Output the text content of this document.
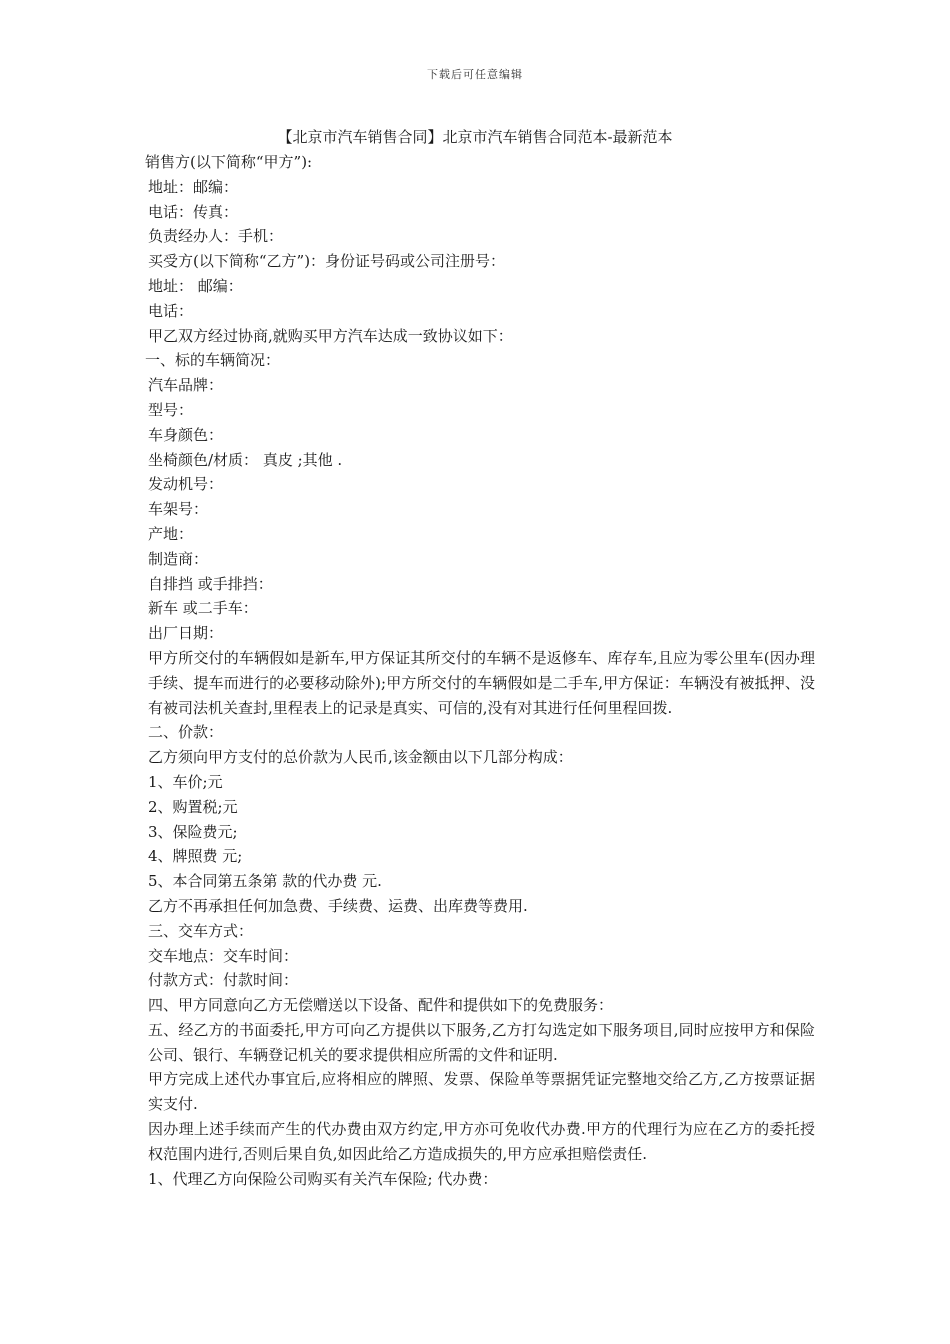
下载后可任意编辑
【北京市汽车销售合同】北京市汽车销售合同范本-最新范本
销售方(以下简称“甲方”):
地址：邮编：
电话：传真：
负责经办人：手机：
买受方(以下简称“乙方”)：身份证号码或公司注册号：
地址： 邮编：
电话：
甲乙双方经过协商,就购买甲方汽车达成一致协议如下：
一、标的车辆简况：
汽车品牌：
型号：
车身颜色：
坐椅颜色/材质： 真皮 ;其他 .
发动机号：
车架号：
产地：
制造商：
自排挡 或手排挡：
新车 或二手车：
出厂日期：
甲方所交付的车辆假如是新车,甲方保证其所交付的车辆不是返修车、库存车,且应为零公里车(因办理手续、提车而进行的必要移动除外);甲方所交付的车辆假如是二手车,甲方保证：车辆没有被抵押、没有被司法机关查封,里程表上的记录是真实、可信的,没有对其进行任何里程回拨.
二、价款：
乙方须向甲方支付的总价款为人民币,该金额由以下几部分构成：
1、车价;元
2、购置税;元
3、保险费元;
4、牌照费 元;
5、本合同第五条第 款的代办费 元.
乙方不再承担任何加急费、手续费、运费、出库费等费用.
三、交车方式：
交车地点：交车时间：
付款方式：付款时间：
四、甲方同意向乙方无偿赠送以下设备、配件和提供如下的免费服务：
五、经乙方的书面委托,甲方可向乙方提供以下服务,乙方打勾选定如下服务项目,同时应按甲方和保险公司、银行、车辆登记机关的要求提供相应所需的文件和证明.
甲方完成上述代办事宜后,应将相应的牌照、发票、保险单等票据凭证完整地交给乙方,乙方按票证据实支付.
因办理上述手续而产生的代办费由双方约定,甲方亦可免收代办费.甲方的代理行为应在乙方的委托授权范围内进行,否则后果自负,如因此给乙方造成损失的,甲方应承担赔偿责任.
1、代理乙方向保险公司购买有关汽车保险; 代办费：
